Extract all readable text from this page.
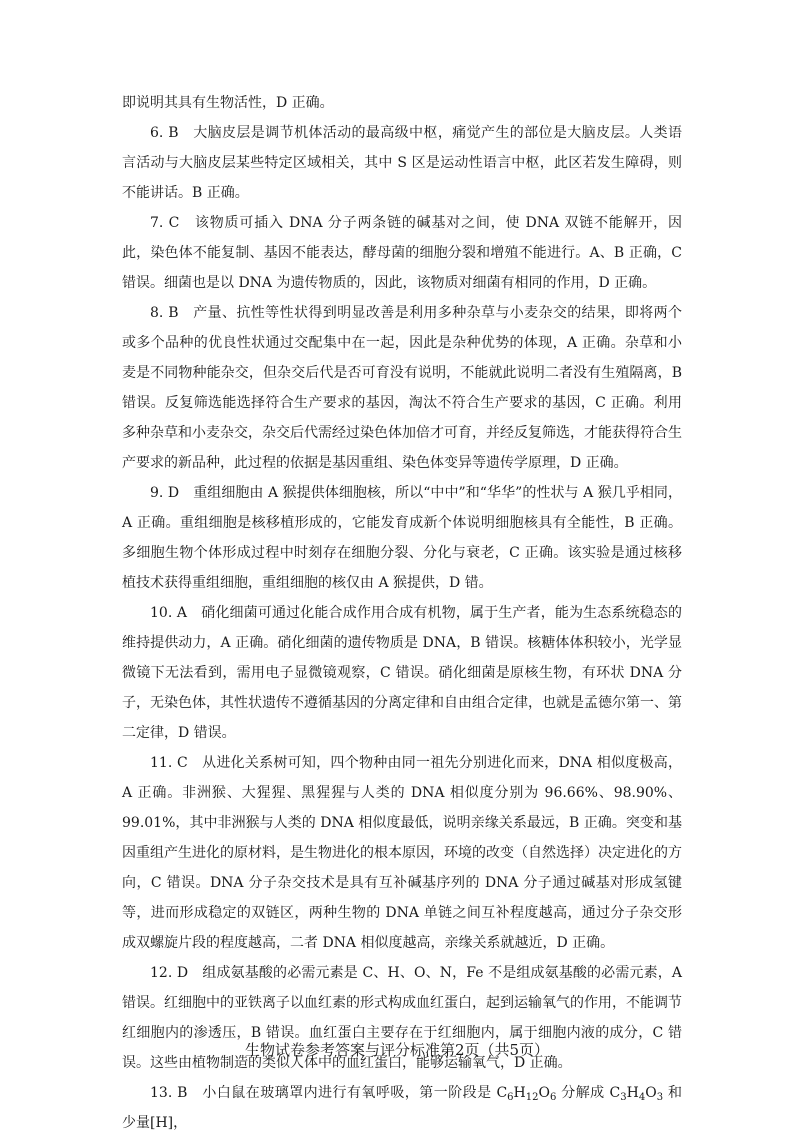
即说明其具有生物活性，D 正确。

6. B　大脑皮层是调节机体活动的最高级中枢，痛觉产生的部位是大脑皮层。人类语言活动与大脑皮层某些特定区域相关，其中 S 区是运动性语言中枢，此区若发生障碍，则不能讲话。B 正确。

7. C　该物质可插入 DNA 分子两条链的碱基对之间，使 DNA 双链不能解开，因此，染色体不能复制、基因不能表达，酵母菌的细胞分裂和增殖不能进行。A、B 正确，C 错误。细菌也是以 DNA 为遗传物质的，因此，该物质对细菌有相同的作用，D 正确。

8. B　产量、抗性等性状得到明显改善是利用多种杂草与小麦杂交的结果，即将两个或多个品种的优良性状通过交配集中在一起，因此是杂种优势的体现，A 正确。杂草和小麦是不同物种能杂交，但杂交后代是否可育没有说明，不能就此说明二者没有生殖隔离，B 错误。反复筛选能选择符合生产要求的基因，淘汰不符合生产要求的基因，C 正确。利用多种杂草和小麦杂交，杂交后代需经过染色体加倍才可育，并经反复筛选，才能获得符合生产要求的新品种，此过程的依据是基因重组、染色体变异等遗传学原理，D 正确。

9. D　重组细胞由 A 猴提供体细胞核，所以“中中”和“华华”的性状与 A 猴几乎相同，A 正确。重组细胞是核移植形成的，它能发育成新个体说明细胞核具有全能性，B 正确。多细胞生物个体形成过程中时刻存在细胞分裂、分化与衰老，C 正确。该实验是通过核移植技术获得重组细胞，重组细胞的核仅由 A 猴提供，D 错。

10. A　硝化细菌可通过化能合成作用合成有机物，属于生产者，能为生态系统稳态的维持提供动力，A 正确。硝化细菌的遗传物质是 DNA，B 错误。核糖体体积较小，光学显微镜下无法看到，需用电子显微镜观察，C 错误。硝化细菌是原核生物，有环状 DNA 分子，无染色体，其性状遗传不遵循基因的分离定律和自由组合定律，也就是孟德尔第一、第二定律，D 错误。

11. C　从进化关系树可知，四个物种由同一祖先分别进化而来，DNA 相似度极高，A 正确。非洲猴、大猩猩、黑猩猩与人类的 DNA 相似度分别为 96.66%、98.90%、99.01%，其中非洲猴与人类的 DNA 相似度最低，说明亲缘关系最远，B 正确。突变和基因重组产生进化的原材料，是生物进化的根本原因，环境的改变（自然选择）决定进化的方向，C 错误。DNA 分子杂交技术是具有互补碱基序列的 DNA 分子通过碱基对形成氢键等，进而形成稳定的双链区，两种生物的 DNA 单链之间互补程度越高，通过分子杂交形成双螺旋片段的程度越高，二者 DNA 相似度越高，亲缘关系就越近，D 正确。

12. D　组成氨基酸的必需元素是 C、H、O、N，Fe 不是组成氨基酸的必需元素，A 错误。红细胞中的亚铁离子以血红素的形式构成血红蛋白，起到运输氧气的作用，不能调节红细胞内的渗透压，B 错误。血红蛋白主要存在于红细胞内，属于细胞内液的成分，C 错误。这些由植物制造的类似人体中的血红蛋白，能够运输氧气，D 正确。

13. B　小白鼠在玻璃罩内进行有氧呼吸，第一阶段是 $C_6H_{12}O_6$ 分解成 $C_3H_4O_3$ 和少量[H]，

生物试卷参考答案与评分标准第2页（共5页）
